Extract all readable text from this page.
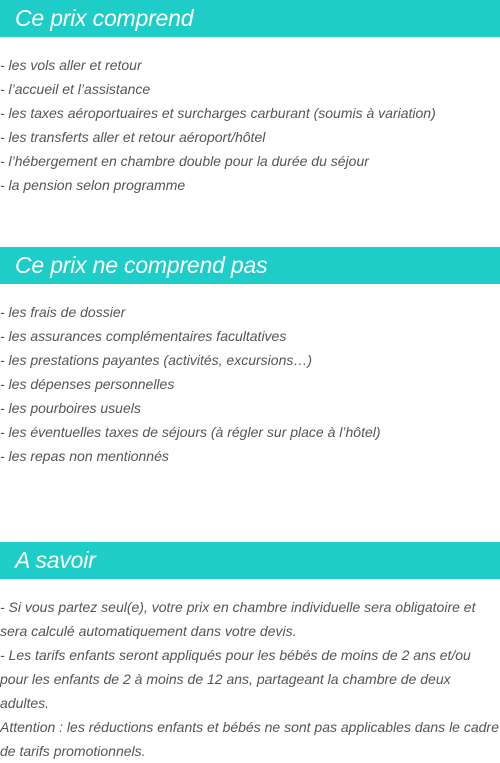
Ce prix comprend
- les vols aller et retour
- l’accueil et l’assistance
- les taxes aéroportuaires et surcharges carburant (soumis à variation)
- les transferts aller et retour aéroport/hôtel
- l’hébergement en chambre double pour la durée du séjour
- la pension selon programme
Ce prix ne comprend pas
- les frais de dossier
- les assurances complémentaires facultatives
- les prestations payantes (activités, excursions…)
- les dépenses personnelles
- les pourboires usuels
- les éventuelles taxes de séjours (à régler sur place à l’hôtel)
- les repas non mentionnés
A savoir

- Si vous partez seul(e), votre prix en chambre individuelle sera obligatoire et sera calculé automatiquement dans votre devis.

- Les tarifs enfants seront appliqués pour les bébés de moins de 2 ans et/ou pour les enfants de 2 à moins de 12 ans, partageant la chambre de deux adultes.

Attention : les réductions enfants et bébés ne sont pas applicables dans le cadre de tarifs promotionnels.
